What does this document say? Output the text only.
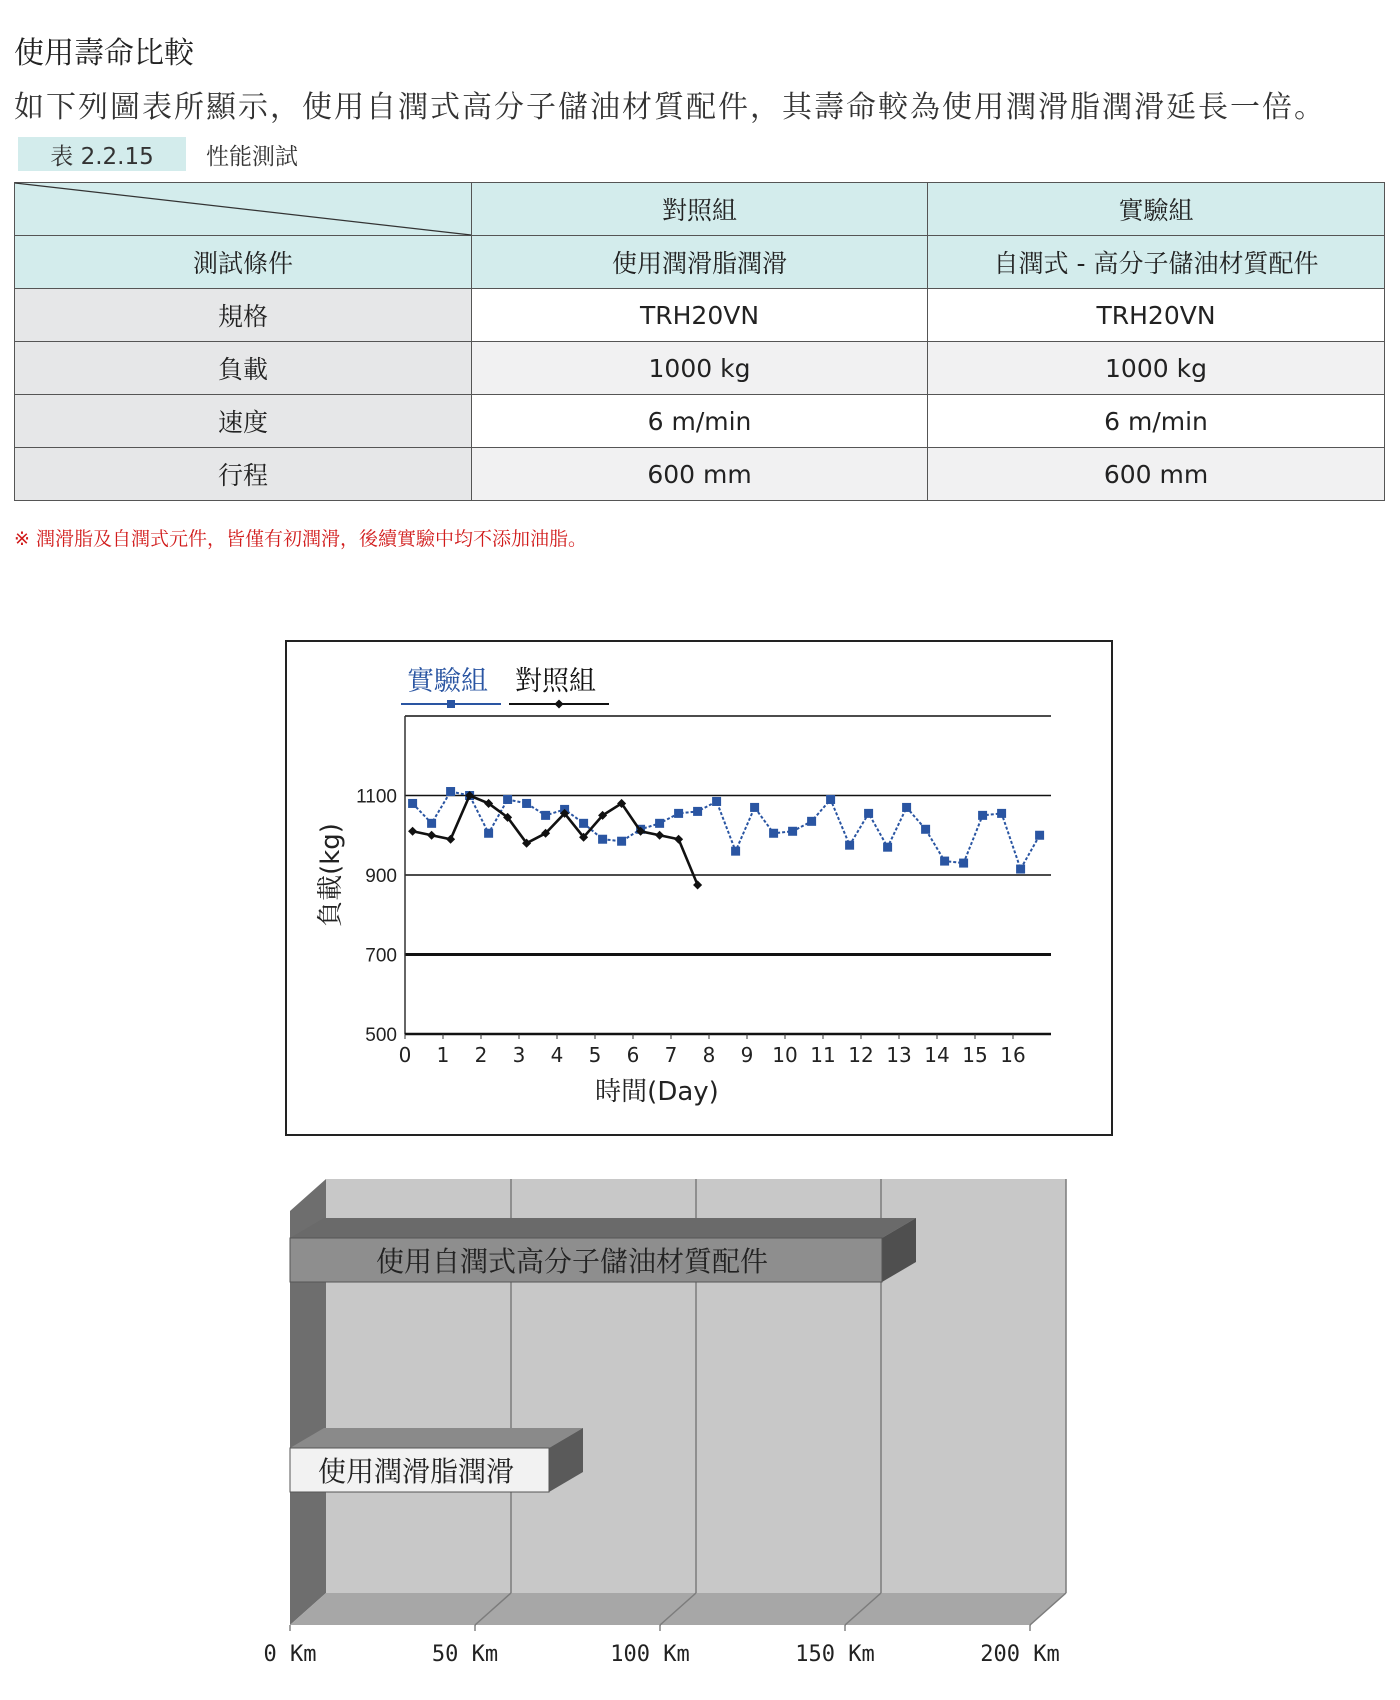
使用壽命比較
如下列圖表所顯示，使用自潤式高分子儲油材質配件，其壽命較為使用潤滑脂潤滑延長一倍。
表 2.2.15	性能測試
	對照組	實驗組
測試條件	使用潤滑脂潤滑	自潤式 - 高分子儲油材質配件
規格	TRH20VN	TRH20VN
負載	1000 kg	1000 kg
速度	6 m/min	6 m/min
行程	600 mm	600 mm
※ 潤滑脂及自潤式元件，皆僅有初潤滑，後續實驗中均不添加油脂。
500
700
900
1100
0 1 2 3 4 5 6 7 8 9 10 11 12 13 14 15 16
時間(Day)
負載(kg)
實驗組 對照組
0 Km	50 Km	100 Km	150 Km	200 Km
使用自潤式高分子儲油材質配件
使用潤滑脂潤滑
